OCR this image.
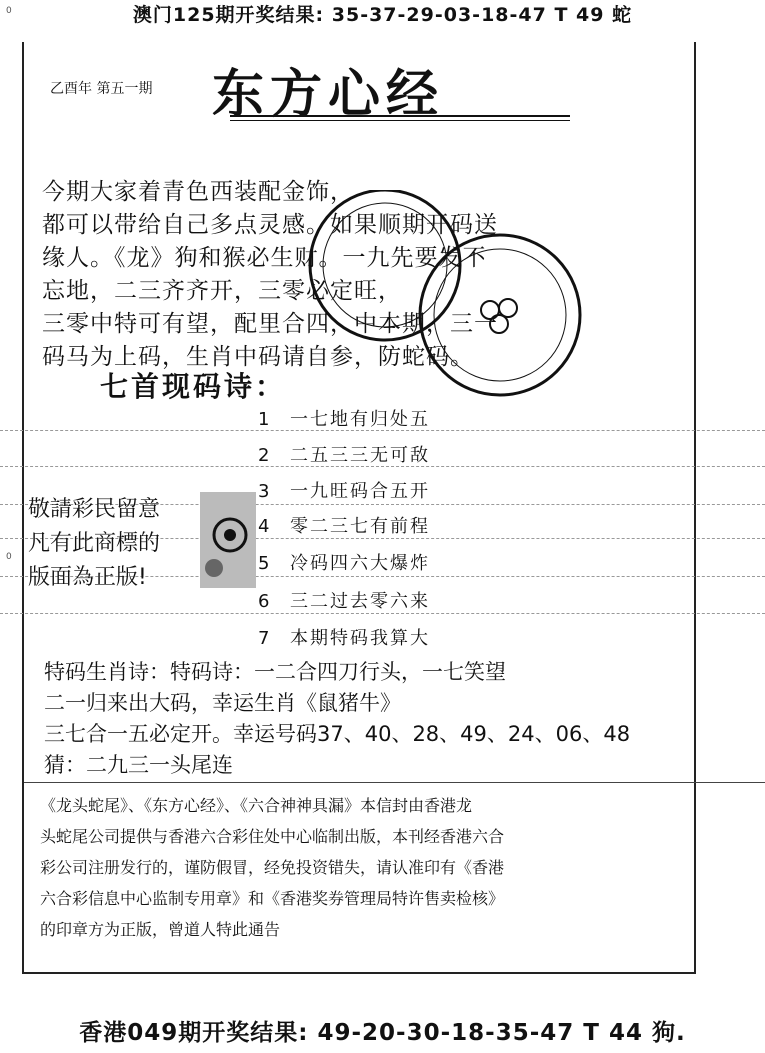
澳门125期开奖结果: 35-37-29-03-18-47 T 49 蛇
0
0
乙酉年 第五一期 东方心经
今期大家着青色西装配金饰，
都可以带给自己多点灵感。如果顺期开码送
缘人。《龙》狗和猴必生财。一九先要发不
忘地，二三齐齐开，三零必定旺，
三零中特可有望，配里合四，中本期，三一
码马为上码，生肖中码请自参，防蛇码。
七首现码诗：
1 一七地有归处五
2 二五三三无可敌
3 一九旺码合五开
4 零二三七有前程
5 冷码四六大爆炸
6 三二过去零六来
7 本期特码我算大
敬請彩民留意
凡有此商標的
版面為正版!
特码生肖诗：特码诗：一二合四刀行头，一七笑望
二一归来出大码，幸运生肖《鼠猪牛》
三七合一五必定开。幸运号码37、40、28、49、24、06、48
猜：二九三一头尾连
《龙头蛇尾》、《东方心经》、《六合神神具漏》本信封由香港龙
头蛇尾公司提供与香港六合彩住处中心临制出版，本刊经香港六合
彩公司注册发行的，谨防假冒，经免投资错失，请认准印有《香港
六合彩信息中心监制专用章》和《香港奖券管理局特许售卖检核》
的印章方为正版，曾道人特此通告
香港049期开奖结果: 49-20-30-18-35-47 T 44 狗.
